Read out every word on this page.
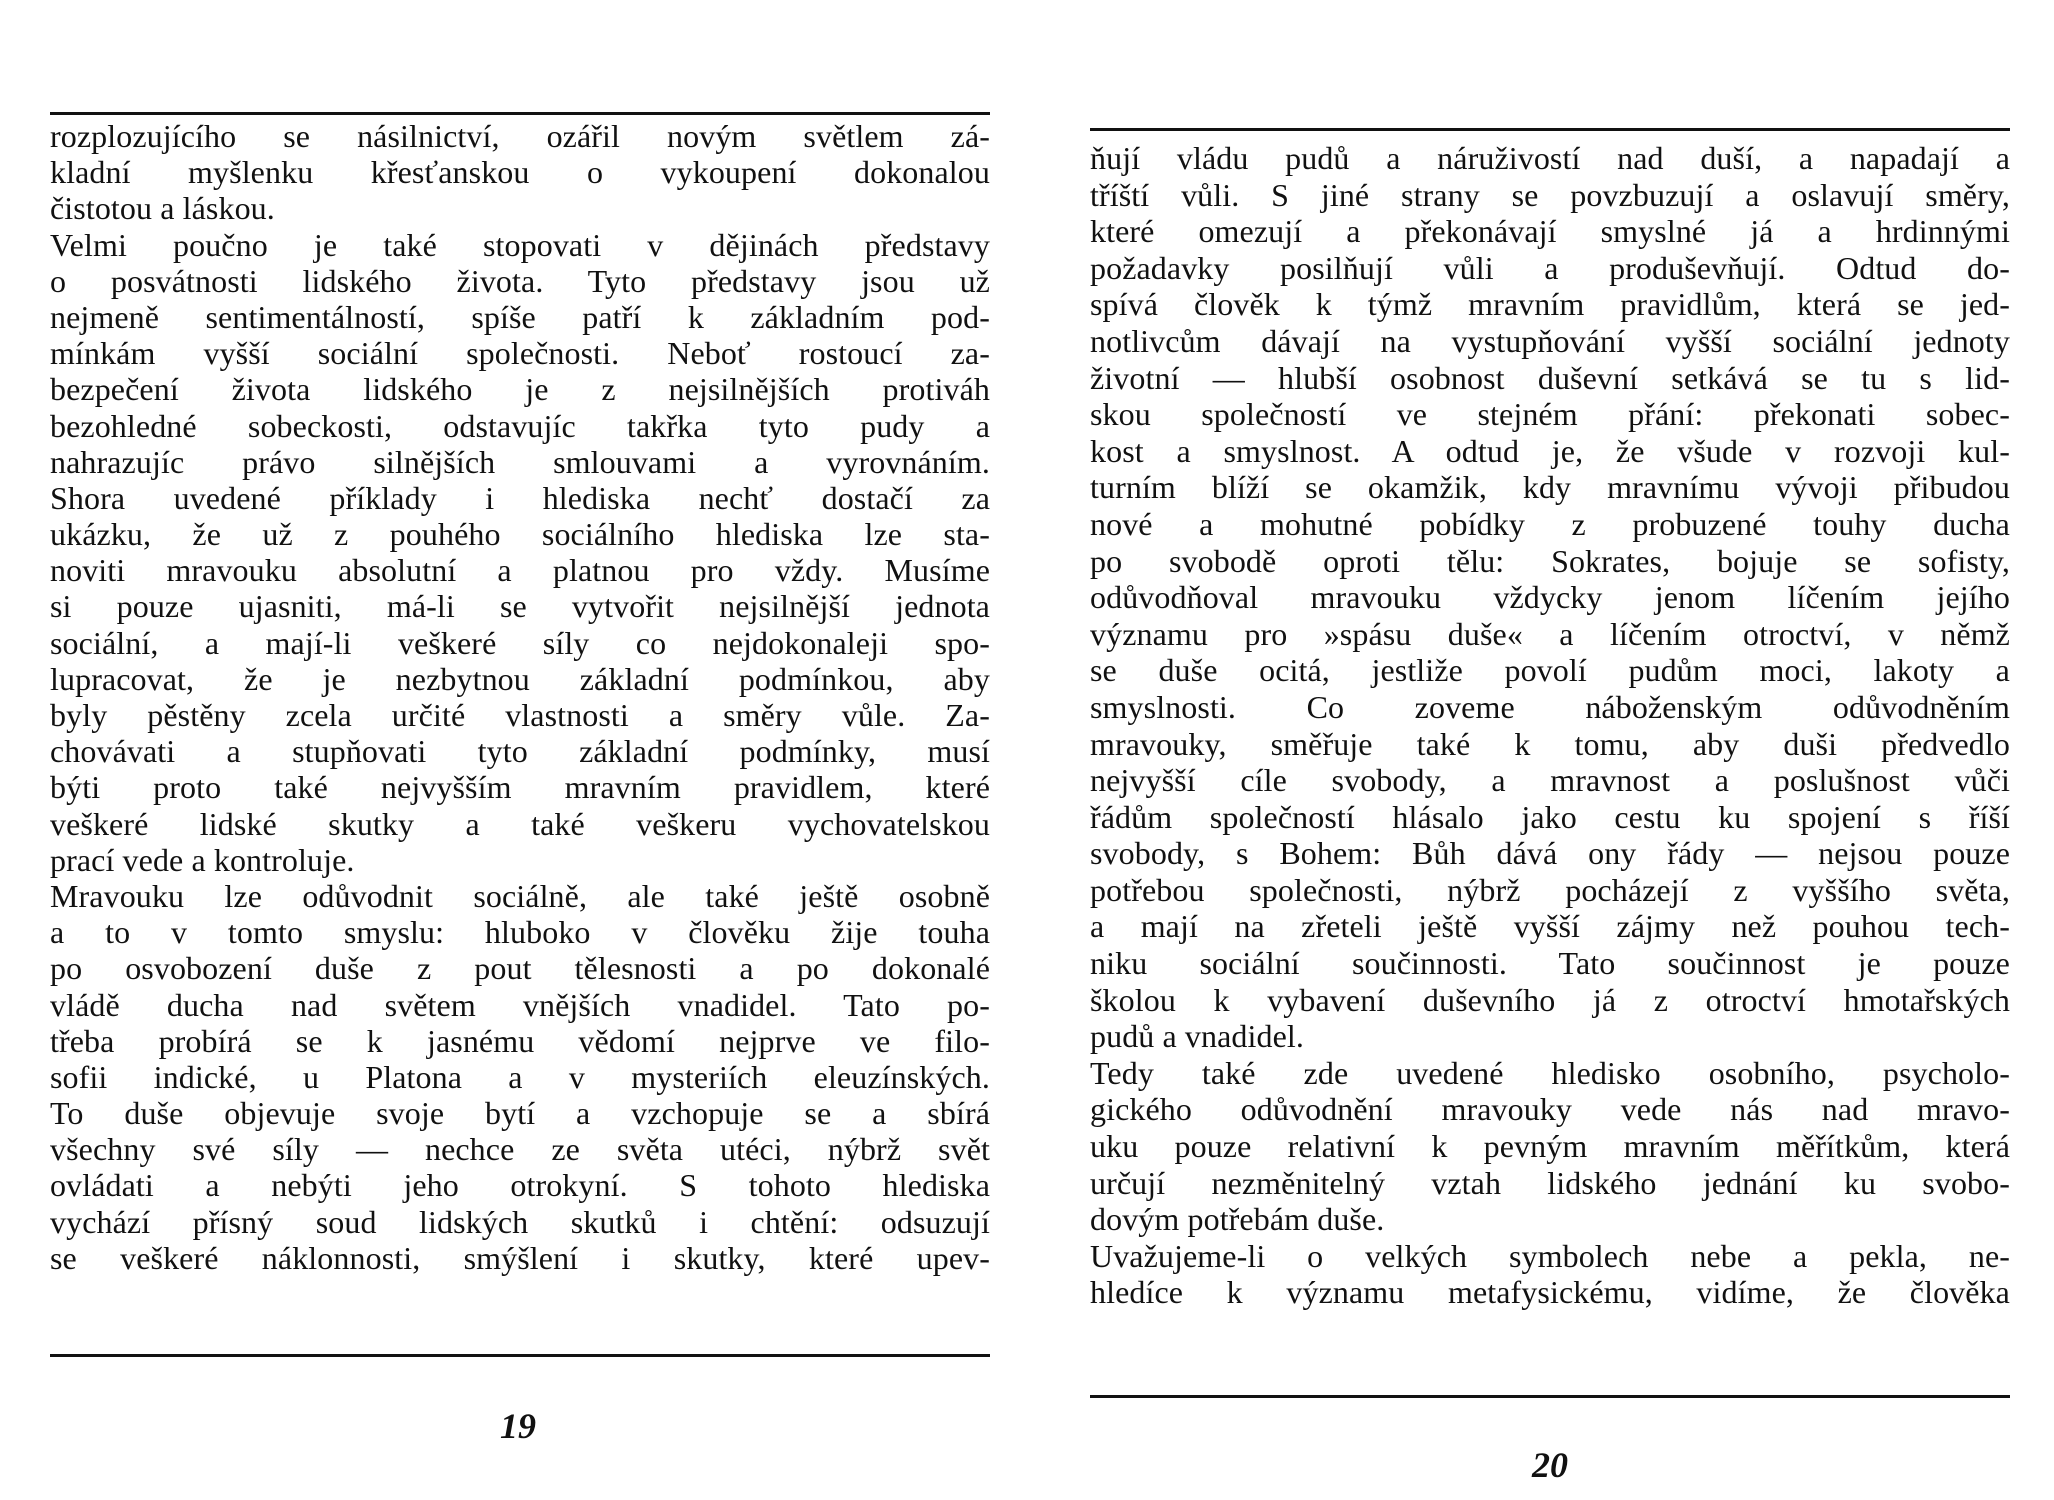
rozplozujícího se násilnictví, ozářil novým světlem zá-
kladní myšlenku křesťanskou o vykoupení dokonalou
čistotou a láskou.
Velmi poučno je také stopovati v dějinách představy
o posvátnosti lidského života. Tyto představy jsou už
nejmeně sentimentálností, spíše patří k základním pod-
mínkám vyšší sociální společnosti. Neboť rostoucí za-
bezpečení života lidského je z nejsilnějších protiváh
bezohledné sobeckosti, odstavujíc takřka tyto pudy a
nahrazujíc právo silnějších smlouvami a vyrovnáním.
Shora uvedené příklady i hlediska nechť dostačí za
ukázku, že už z pouhého sociálního hlediska lze sta-
noviti mravouku absolutní a platnou pro vždy. Musíme
si pouze ujasniti, má-li se vytvořit nejsilnější jednota
sociální, a mají-li veškeré síly co nejdokonaleji spo-
lupracovat, že je nezbytnou základní podmínkou, aby
byly pěstěny zcela určité vlastnosti a směry vůle. Za-
chovávati a stupňovati tyto základní podmínky, musí
býti proto také nejvyšším mravním pravidlem, které
veškeré lidské skutky a také veškeru vychovatelskou
prací vede a kontroluje.
Mravouku lze odůvodnit sociálně, ale také ještě osobně
a to v tomto smyslu: hluboko v člověku žije touha
po osvobození duše z pout tělesnosti a po dokonalé
vládě ducha nad světem vnějších vnadidel. Tato po-
třeba probírá se k jasnému vědomí nejprve ve filo-
sofii indické, u Platona a v mysteriích eleuzínských.
To duše objevuje svoje bytí a vzchopuje se a sbírá
všechny své síly — nechce ze světa utéci, nýbrž svět
ovládati a nebýti jeho otrokyní. S tohoto hlediska
vychází přísný soud lidských skutků i chtění: odsuzují
se veškeré náklonnosti, smýšlení i skutky, které upev-
19
ňují vládu pudů a náruživostí nad duší, a napadají a
tříští vůli. S jiné strany se povzbuzují a oslavují směry,
které omezují a překonávají smyslné já a hrdinnými
požadavky posilňují vůli a produševňují. Odtud do-
spívá člověk k týmž mravním pravidlům, která se jed-
notlivcům dávají na vystupňování vyšší sociální jednoty
životní — hlubší osobnost duševní setkává se tu s lid-
skou společností ve stejném přání: překonati sobec-
kost a smyslnost. A odtud je, že všude v rozvoji kul-
turním blíží se okamžik, kdy mravnímu vývoji přibudou
nové a mohutné pobídky z probuzené touhy ducha
po svobodě oproti tělu: Sokrates, bojuje se sofisty,
odůvodňoval mravouku vždycky jenom líčením jejího
významu pro »spásu duše« a líčením otroctví, v němž
se duše ocitá, jestliže povolí pudům moci, lakoty a
smyslnosti. Co zoveme náboženským odůvodněním
mravouky, směřuje také k tomu, aby duši předvedlo
nejvyšší cíle svobody, a mravnost a poslušnost vůči
řádům společností hlásalo jako cestu ku spojení s říší
svobody, s Bohem: Bůh dává ony řády — nejsou pouze
potřebou společnosti, nýbrž pocházejí z vyššího světa,
a mají na zřeteli ještě vyšší zájmy než pouhou tech-
niku sociální součinnosti. Tato součinnost je pouze
školou k vybavení duševního já z otroctví hmotařských
pudů a vnadidel.
Tedy také zde uvedené hledisko osobního, psycholo-
gického odůvodnění mravouky vede nás nad mravo-
uku pouze relativní k pevným mravním měřítkům, která
určují nezměnitelný vztah lidského jednání ku svobo-
dovým potřebám duše.
Uvažujeme-li o velkých symbolech nebe a pekla, ne-
hledíce k významu metafysickému, vidíme, že člověka
20
